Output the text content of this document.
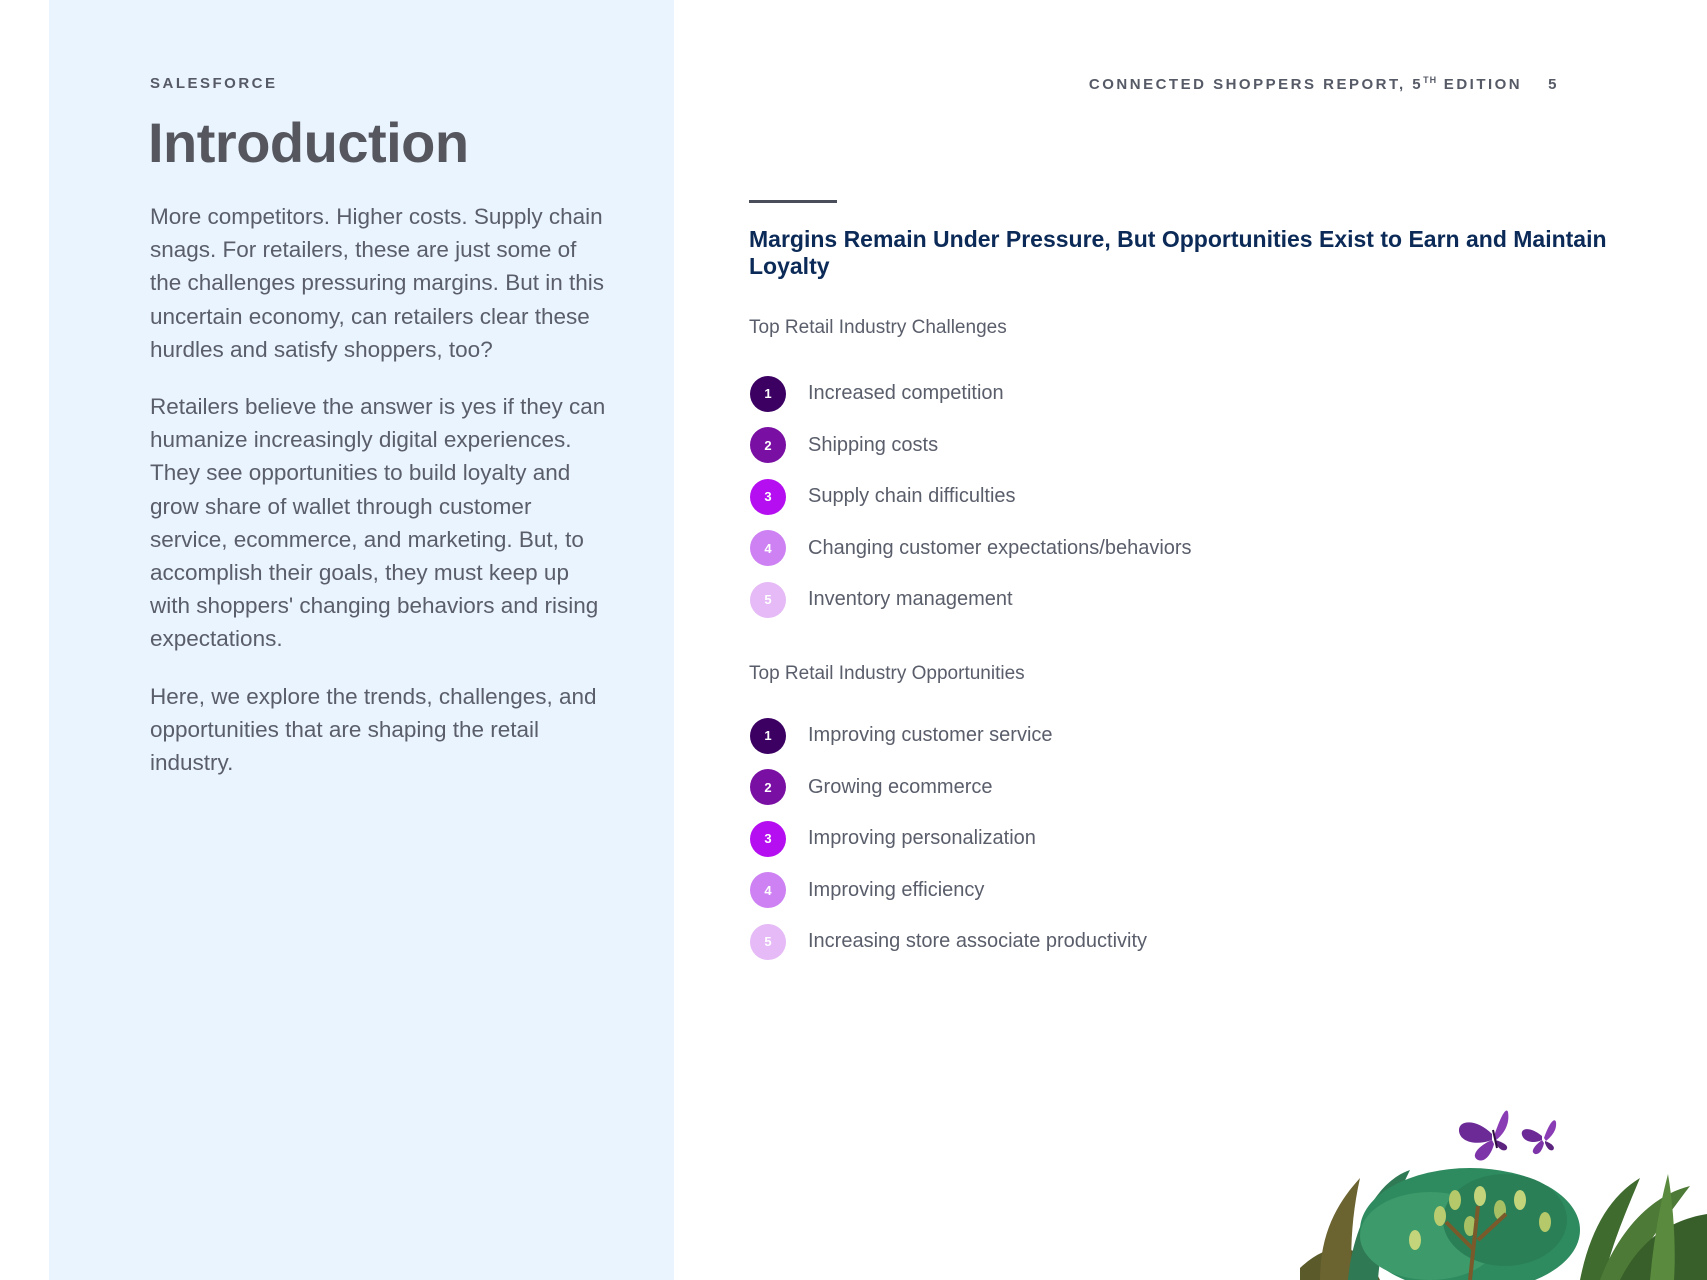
SALESFORCE
Introduction

More competitors. Higher costs. Supply chain snags. For retailers, these are just some of the challenges pressuring margins. But in this uncertain economy, can retailers clear these hurdles and satisfy shoppers, too?

Retailers believe the answer is yes if they can humanize increasingly digital experiences. They see opportunities to build loyalty and grow share of wallet through customer service, ecommerce, and marketing. But, to accomplish their goals, they must keep up with shoppers' changing behaviors and rising expectations.

Here, we explore the trends, challenges, and opportunities that are shaping the retail industry.

CONNECTED SHOPPERS REPORT, 5TH EDITION 5
Margins Remain Under Pressure, But Opportunities Exist to Earn and Maintain Loyalty
Top Retail Industry Challenges
1	Increased competition
2	Shipping costs
3	Supply chain difficulties
4	Changing customer expectations/behaviors
5	Inventory management
Top Retail Industry Opportunities
1	Improving customer service
2	Growing ecommerce
3	Improving personalization
4	Improving efficiency
5	Increasing store associate productivity
